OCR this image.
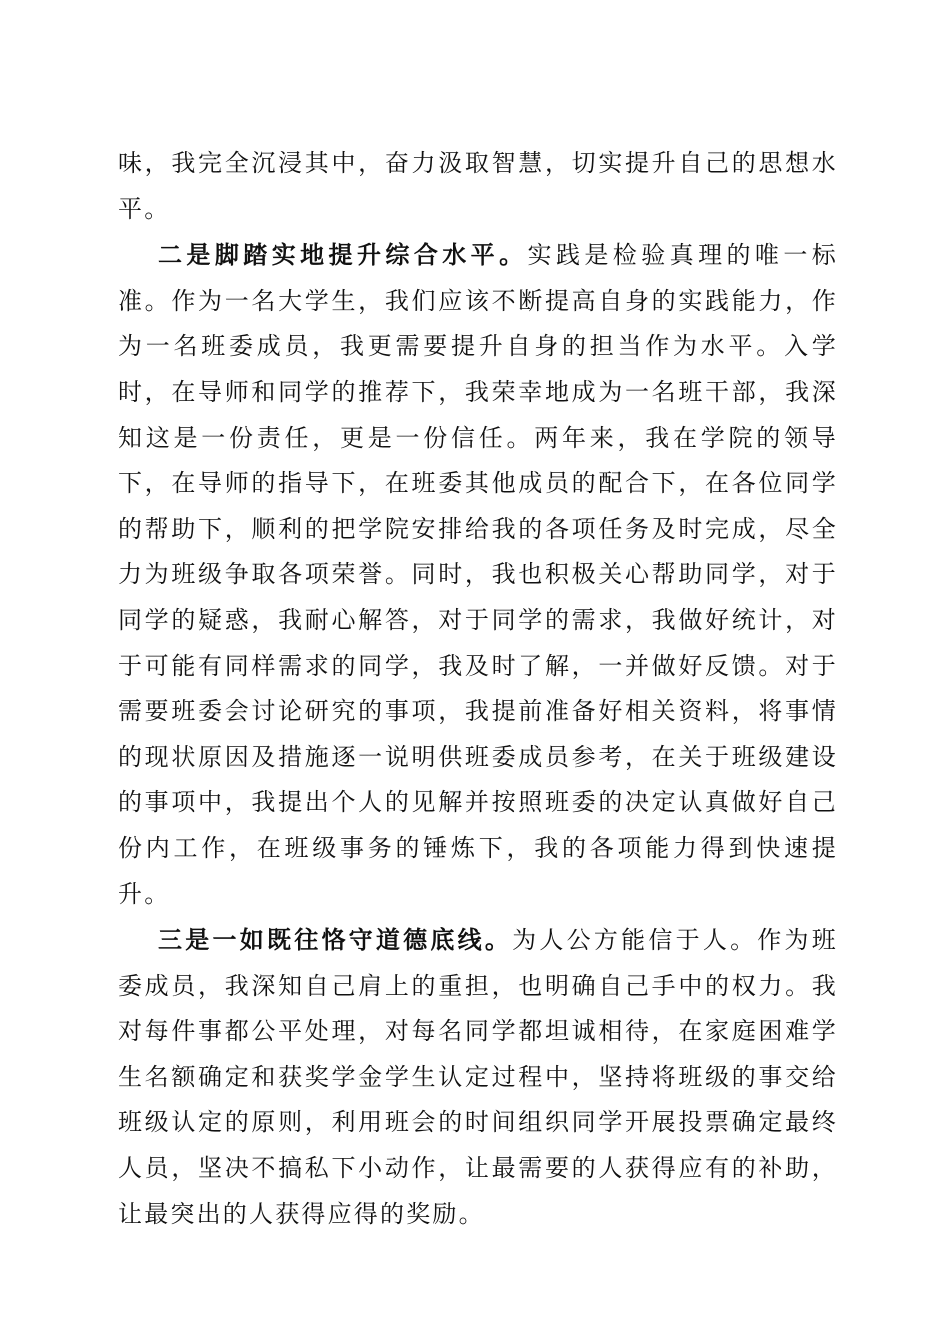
味，我完全沉浸其中，奋力汲取智慧，切实提升自己的思想水平。

二是脚踏实地提升综合水平。实践是检验真理的唯一标准。作为一名大学生，我们应该不断提高自身的实践能力，作为一名班委成员，我更需要提升自身的担当作为水平。入学时，在导师和同学的推荐下，我荣幸地成为一名班干部，我深知这是一份责任，更是一份信任。两年来，我在学院的领导下，在导师的指导下，在班委其他成员的配合下，在各位同学的帮助下，顺利的把学院安排给我的各项任务及时完成，尽全力为班级争取各项荣誉。同时，我也积极关心帮助同学，对于同学的疑惑，我耐心解答，对于同学的需求，我做好统计，对于可能有同样需求的同学，我及时了解，一并做好反馈。对于需要班委会讨论研究的事项，我提前准备好相关资料，将事情的现状原因及措施逐一说明供班委成员参考，在关于班级建设的事项中，我提出个人的见解并按照班委的决定认真做好自己份内工作，在班级事务的锤炼下，我的各项能力得到快速提升。

三是一如既往恪守道德底线。为人公方能信于人。作为班委成员，我深知自己肩上的重担，也明确自己手中的权力。我对每件事都公平处理，对每名同学都坦诚相待，在家庭困难学生名额确定和获奖学金学生认定过程中，坚持将班级的事交给班级认定的原则，利用班会的时间组织同学开展投票确定最终人员，坚决不搞私下小动作，让最需要的人获得应有的补助，让最突出的人获得应得的奖励。
